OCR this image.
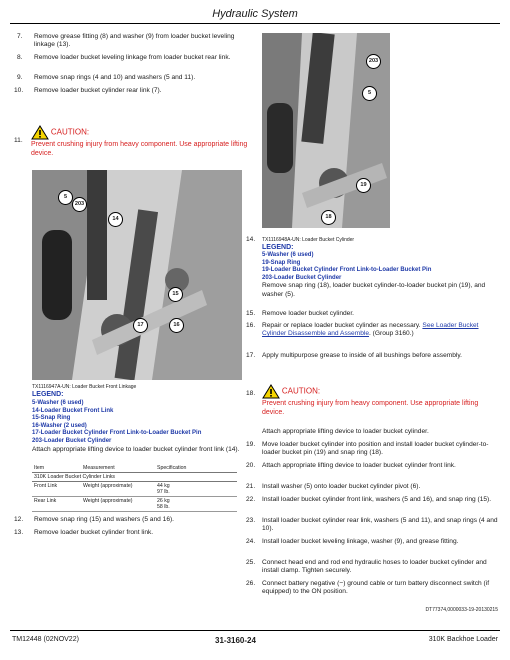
Hydraulic System
7. Remove grease fitting (8) and washer (9) from loader bucket leveling linkage (13).
8. Remove loader bucket leveling linkage from loader bucket rear link.
9. Remove snap rings (4 and 10) and washers (5 and 11).
10. Remove loader bucket cylinder rear link (7).
11.
CAUTION:
Prevent crushing injury from heavy component. Use appropriate lifting device.
5
203
14
15
17	16
TX1116947A-UN: Loader Bucket Front Linkage
LEGEND:
5-Washer (6 used)
14-Loader Bucket Front Link
15-Snap Ring
16-Washer (2 used)
17-Loader Bucket Cylinder Front Link-to-Loader Bucket Pin
203-Loader Bucket Cylinder
Attach appropriate lifting device to loader bucket cylinder front link (14).
Item	Measurement	Specification
310K Loader Bucket Cylinder Links		
Front Link	Weight (approximate)	44 kg
97 lb.

Rear Link	Weight (approximate)	26 kg
58 lb.
12. Remove snap ring (15) and washers (5 and 16).
13. Remove loader bucket cylinder front link.
203
5
19
18
14. TX1116948A-UN: Loader Bucket Cylinder
LEGEND:
5-Washer (6 used)
19-Snap Ring
19-Loader Bucket Cylinder Front Link-to-Loader Bucket Pin
203-Loader Bucket Cylinder
Remove snap ring (18), loader bucket cylinder-to-loader bucket pin (19), and washer (5).
15. Remove loader bucket cylinder.
16. Repair or replace loader bucket cylinder as necessary. See Loader Bucket Cylinder Disassemble and Assemble. (Group 3160.)
17. Apply multipurpose grease to inside of all bushings before assembly.
18.	CAUTION:
Prevent crushing injury from heavy component. Use appropriate lifting device.
Attach appropriate lifting device to loader bucket cylinder.
19. Move loader bucket cylinder into position and install loader bucket cylinder-to-loader bucket pin (19) and snap ring (18).
20. Attach appropriate lifting device to loader bucket cylinder front link.
21. Install washer (5) onto loader bucket cylinder pivot (6).
22. Install loader bucket cylinder front link, washers (5 and 16), and snap ring (15).
23. Install loader bucket cylinder rear link, washers (5 and 11), and snap rings (4 and 10).
24. Install loader bucket leveling linkage, washer (9), and grease fitting.
25. Connect head end and rod end hydraulic hoses to loader bucket cylinder and install clamp. Tighten securely.
26. Connect battery negative (−) ground cable or turn battery disconnect switch (if equipped) to the ON position.
DT77374,0000033-19-20130215
TM12448 (02NOV22)	31-3160-24	310K Backhoe Loader
